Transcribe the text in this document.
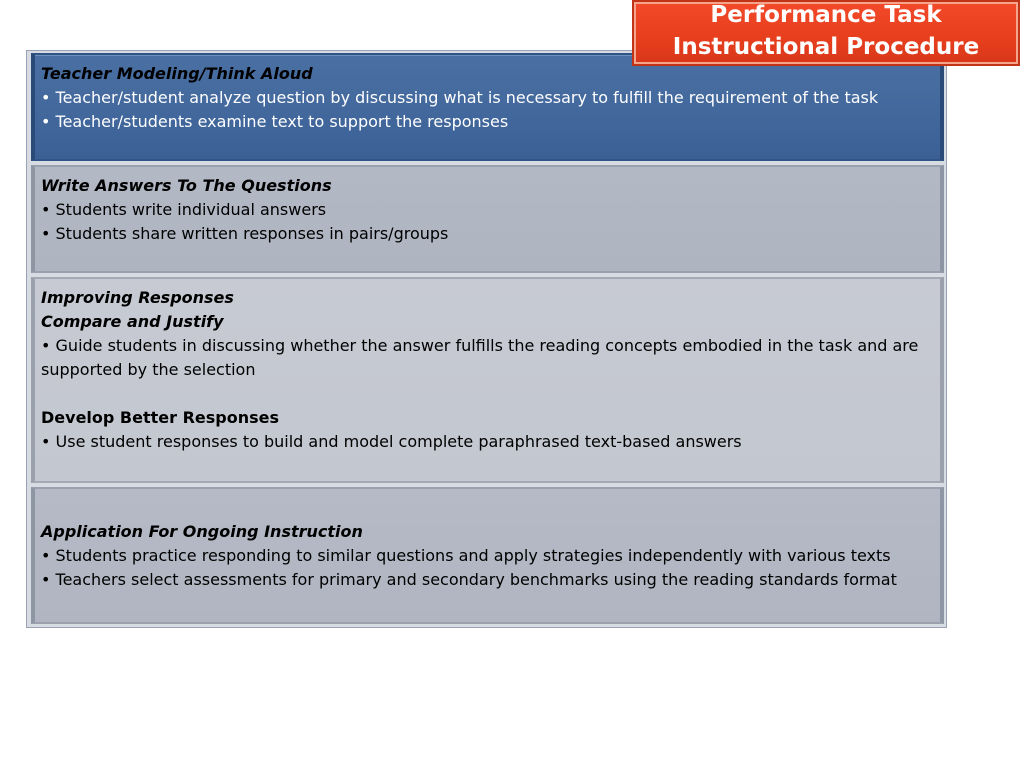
Performance Task
Instructional Procedure

Teacher Modeling/Think Aloud

• Teacher/student analyze question by discussing what is necessary to fulfill the requirement of the task

• Teacher/students examine text to support the responses

Write Answers To The Questions

• Students write individual answers

• Students share written responses in pairs/groups

Improving Responses

Compare and Justify

• Guide students in discussing whether the answer fulfills the reading concepts embodied in the task and are supported by the selection

Develop Better Responses

• Use student responses to build and model complete paraphrased text-based answers

Application For Ongoing Instruction

• Students practice responding to similar questions and apply strategies independently with various texts

• Teachers select assessments for primary and secondary benchmarks using the reading standards format
